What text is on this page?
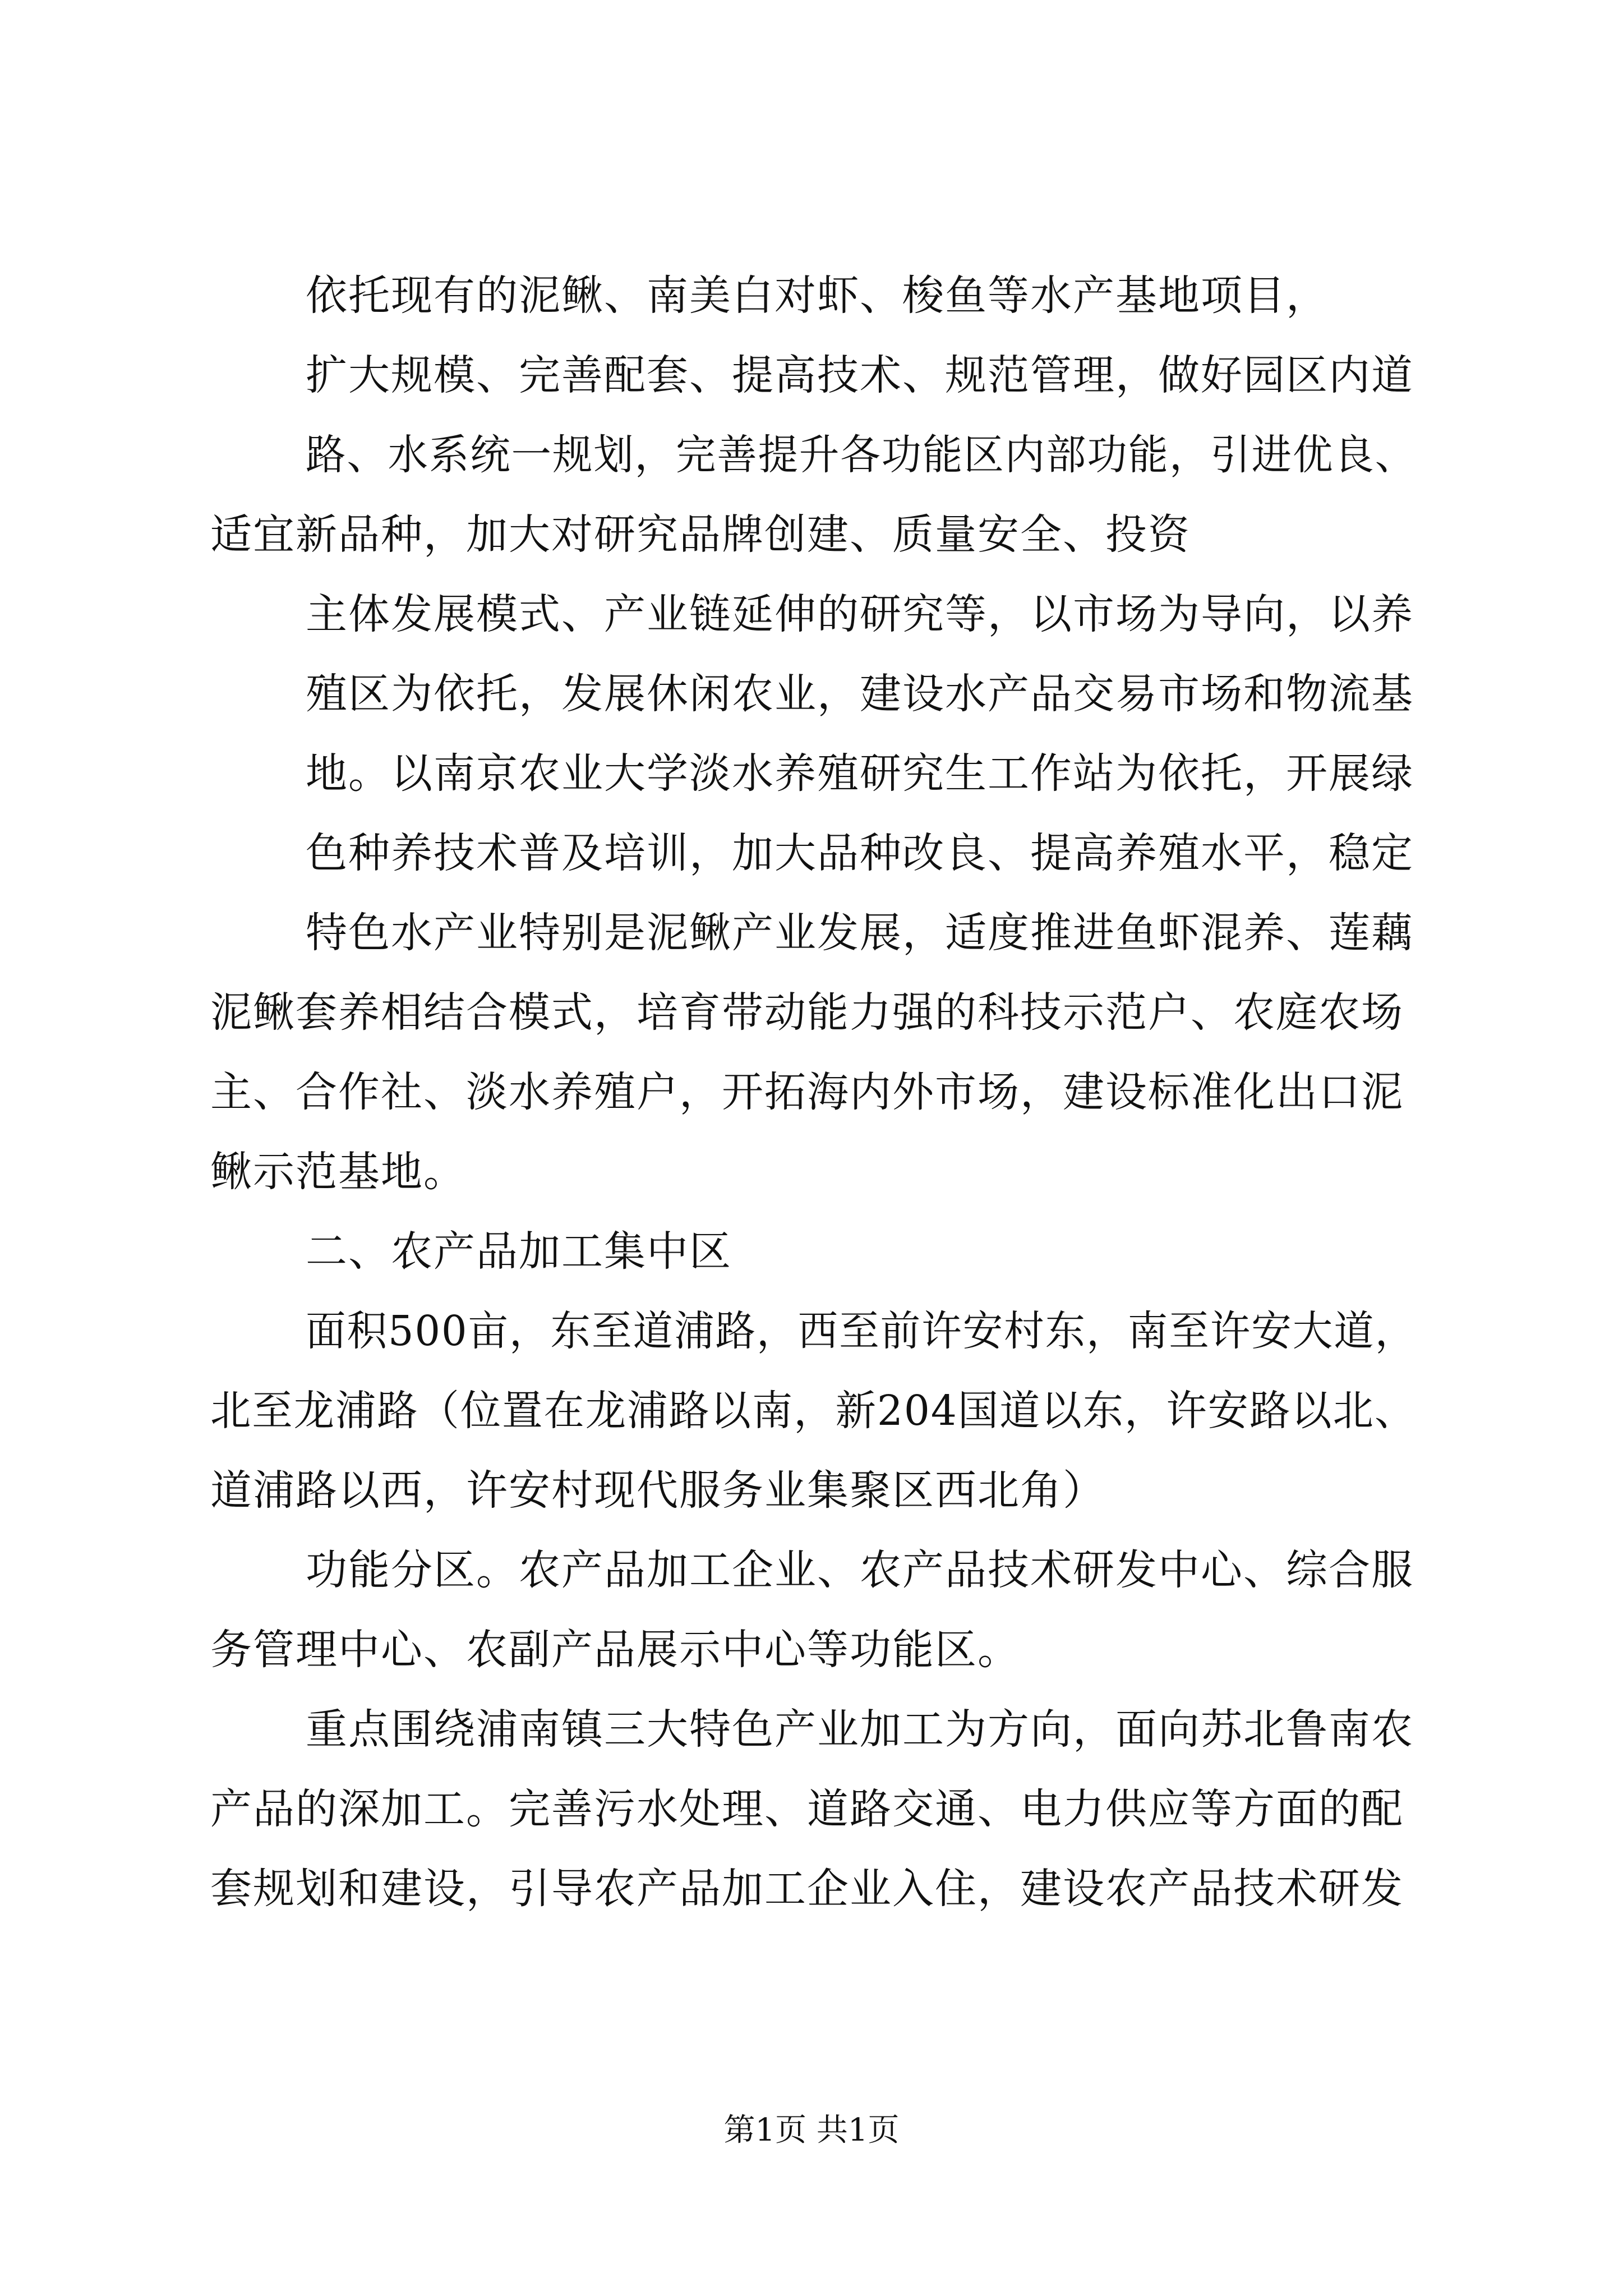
依托现有的泥鳅、南美白对虾、梭鱼等水产基地项目，
扩大规模、完善配套、提高技术、规范管理，做好园区内道
路、水系统一规划，完善提升各功能区内部功能，引进优良、
适宜新品种，加大对研究品牌创建、质量安全、投资
主体发展模式、产业链延伸的研究等，以市场为导向，以养
殖区为依托，发展休闲农业，建设水产品交易市场和物流基
地。以南京农业大学淡水养殖研究生工作站为依托，开展绿
色种养技术普及培训，加大品种改良、提高养殖水平，稳定
特色水产业特别是泥鳅产业发展，适度推进鱼虾混养、莲藕
泥鳅套养相结合模式，培育带动能力强的科技示范户、农庭农场
主、合作社、淡水养殖户，开拓海内外市场，建设标准化出口泥
鳅示范基地。
二、农产品加工集中区
面积500亩，东至道浦路，西至前许安村东，南至许安大道，
北至龙浦路（位置在龙浦路以南，新204国道以东，许安路以北、
道浦路以西，许安村现代服务业集聚区西北角）
功能分区。农产品加工企业、农产品技术研发中心、综合服
务管理中心、农副产品展示中心等功能区。
重点围绕浦南镇三大特色产业加工为方向，面向苏北鲁南农
产品的深加工。完善污水处理、道路交通、电力供应等方面的配
套规划和建设，引导农产品加工企业入住，建设农产品技术研发
第1页 共1页
